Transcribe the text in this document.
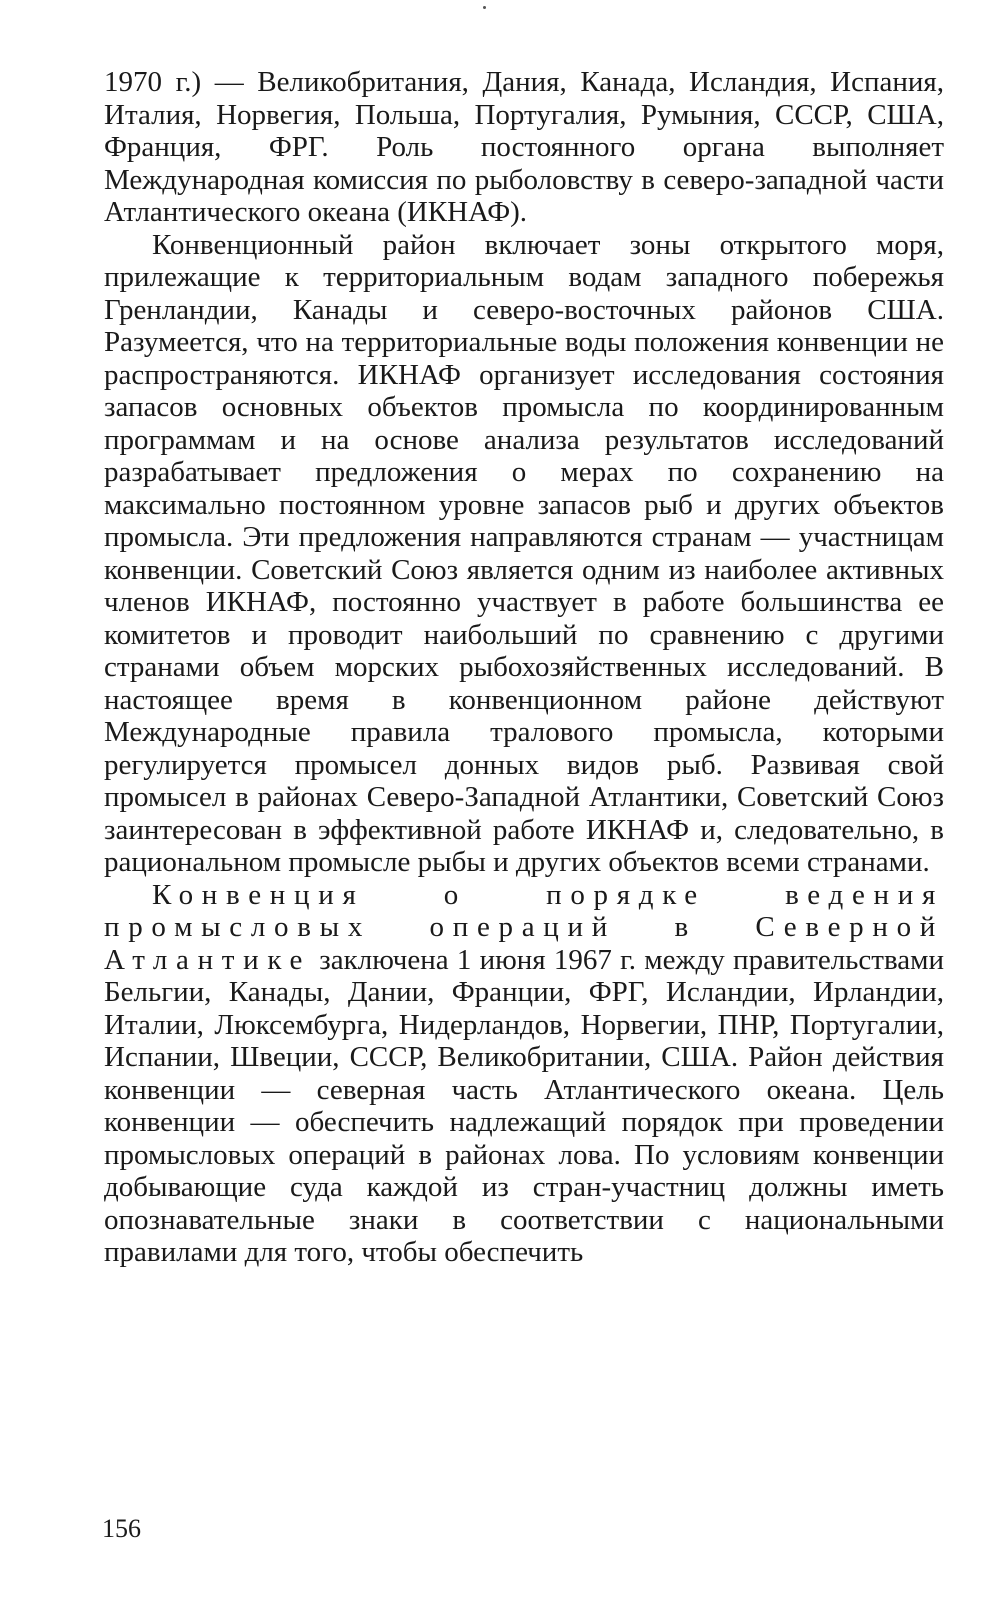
1970 г.) — Великобритания, Дания, Канада, Исландия, Испания, Италия, Норвегия, Польша, Португалия, Румыния, СССР, США, Франция, ФРГ. Роль постоянного органа выполняет Международная комиссия по рыболовству в северо-западной части Атлантического океана (ИКНАФ).

Конвенционный район включает зоны открытого моря, прилежащие к территориальным водам западного побережья Гренландии, Канады и северо-восточных районов США. Разумеется, что на территориальные воды положения конвенции не распространяются. ИКНАФ организует исследования состояния запасов основных объектов промысла по координированным программам и на основе анализа результатов исследований разрабатывает предложения о мерах по сохранению на максимально постоянном уровне запасов рыб и других объектов промысла. Эти предложения направляются странам — участницам конвенции. Советский Союз является одним из наиболее активных членов ИКНАФ, постоянно участвует в работе большинства ее комитетов и проводит наибольший по сравнению с другими странами объем морских рыбохозяйственных исследований. В настоящее время в конвенционном районе действуют Международные правила тралового промысла, которыми регулируется промысел донных видов рыб. Развивая свой промысел в районах Северо-Западной Атлантики, Советский Союз заинтересован в эффективной работе ИКНАФ и, следовательно, в рациональном промысле рыбы и других объектов всеми странами.

Конвенция о порядке ведения промысловых операций в Северной Атлантике заключена 1 июня 1967 г. между правительствами Бельгии, Канады, Дании, Франции, ФРГ, Исландии, Ирландии, Италии, Люксембурга, Нидерландов, Норвегии, ПНР, Португалии, Испании, Швеции, СССР, Великобритании, США. Район действия конвенции — северная часть Атлантического океана. Цель конвенции — обеспечить надлежащий порядок при проведении промысловых операций в районах лова. По условиям конвенции добывающие суда каждой из стран-участниц должны иметь опознавательные знаки в соответствии с национальными правилами для того, чтобы обеспечить

156
